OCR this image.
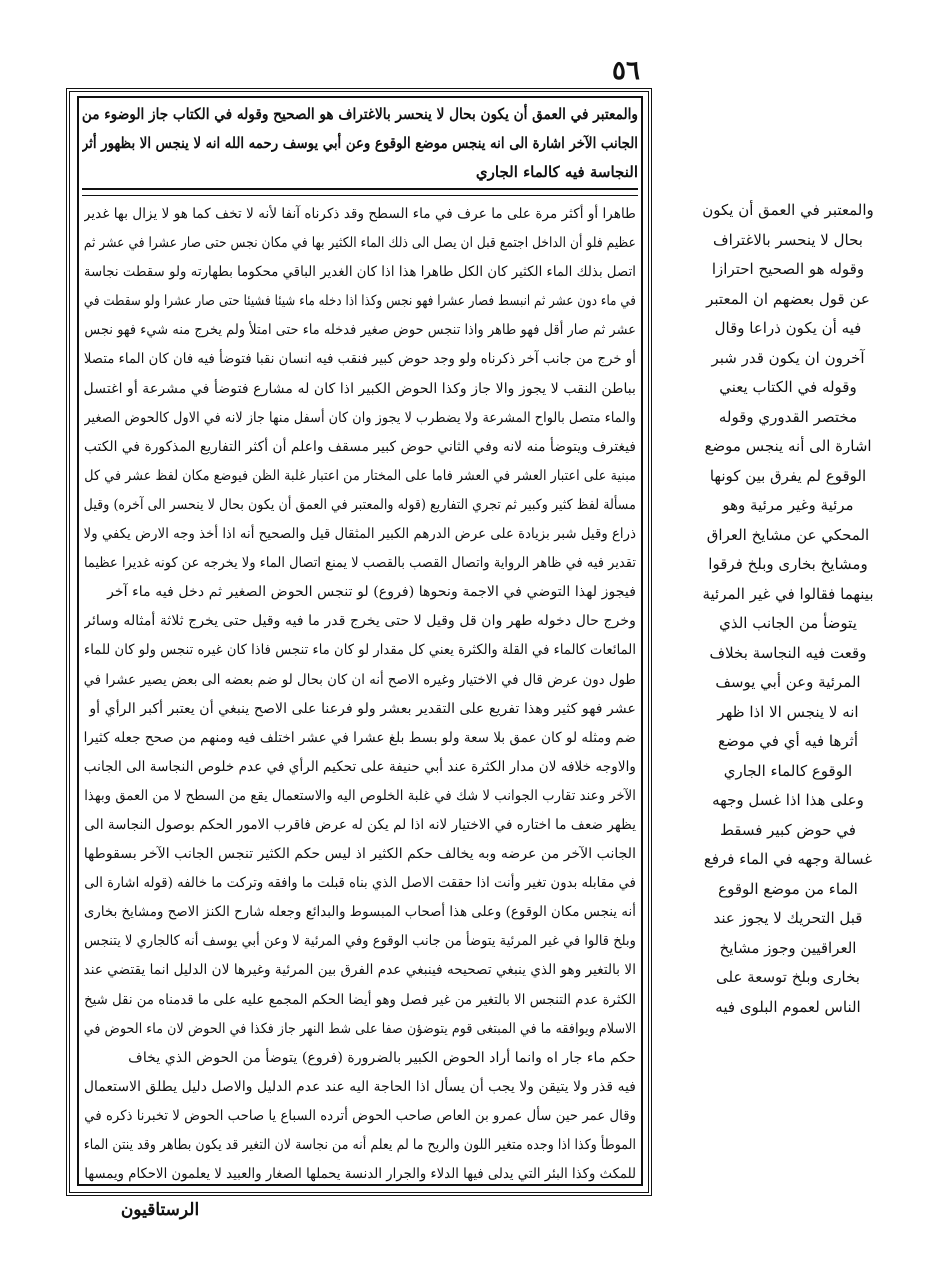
٥٦
والمعتبر في العمق أن يكون بحال لا ينحسر بالاغتراف هو الصحيح وقوله في الكتاب جاز الوضوء من الجانب الآخر اشارة الى انه ينجس موضع الوقوع وعن أبي يوسف رحمه الله انه لا ينجس الا بظهور أثر
النجاسة فيه كالماء الجاري
طاهرا أو أكثر مرة على ما عرف في ماء السطح وقد ذكرناه آنفا لأنه لا تخف كما هو لا يزال بها غدير عظيم فلو أن الداخل اجتمع قبل ان يصل الى ذلك الماء الكثير بها في مكان نجس حتى صار عشرا في عشر ثم اتصل بذلك الماء الكثير كان الكل طاهرا هذا اذا كان الغدير الباقي محكوما بطهارته ولو سقطت نجاسة في ماء دون عشر ثم انبسط فصار عشرا فهو نجس وكذا اذا دخله ماء شيئا فشيئا حتى صار عشرا ولو سقطت في عشر ثم صار أقل فهو طاهر واذا تنجس حوض صغير فدخله ماء حتى امتلأ ولم يخرج منه شيء فهو نجس أو خرج من جانب آخر ذكرناه ولو وجد حوض كبير فنقب فيه انسان نقبا فتوضأ فيه فان كان الماء متصلا بباطن النقب لا يجوز والا جاز وكذا الحوض الكبير اذا كان له مشارع فتوضأ في مشرعة أو اغتسل والماء متصل بالواح المشرعة ولا يضطرب لا يجوز وان كان أسفل منها جاز لانه في الاول كالحوض الصغير فيغترف ويتوضأ منه لانه وفي الثاني حوض كبير مسقف واعلم أن أكثر التفاريع المذكورة في الكتب مبنية على اعتبار العشر في العشر فاما على المختار من اعتبار غلبة الظن فيوضع مكان لفظ عشر في كل مسألة لفظ كثير وكبير ثم تجري التفاريع (قوله والمعتبر في العمق أن يكون بحال لا ينحسر الى آخره) وقيل ذراع وقيل شبر بزيادة على عرض الدرهم الكبير المثقال قيل والصحيح أنه اذا أخذ وجه الارض يكفي ولا تقدير فيه في ظاهر الرواية واتصال القصب بالقصب لا يمنع اتصال الماء ولا يخرجه عن كونه غديرا عظيما
فيجوز لهذا التوضي في الاجمة ونحوها (فروع) لو تنجس الحوض الصغير ثم دخل فيه ماء آخر
وخرج حال دخوله طهر وان قل وقيل لا حتى يخرج قدر ما فيه وقيل حتى يخرج ثلاثة أمثاله وسائر المائعات كالماء في القلة والكثرة يعني كل مقدار لو كان ماء تنجس فاذا كان غيره تنجس ولو كان للماء طول دون عرض قال في الاختيار وغيره الاصح أنه ان كان بحال لو ضم بعضه الى بعض يصير عشرا في
عشر فهو كثير وهذا تفريع على التقدير بعشر ولو فرعنا على الاصح ينبغي أن يعتبر أكبر الرأي أو
ضم ومثله لو كان عمق بلا سعة ولو بسط بلغ عشرا في عشر اختلف فيه ومنهم من صحح جعله كثيرا والاوجه خلافه لان مدار الكثرة عند أبي حنيفة على تحكيم الرأي في عدم خلوص النجاسة الى الجانب الآخر وعند تقارب الجوانب لا شك في غلبة الخلوص اليه والاستعمال يقع من السطح لا من العمق وبهذا يظهر ضعف ما اختاره في الاختيار لانه اذا لم يكن له عرض فاقرب الامور الحكم بوصول النجاسة الى الجانب الآخر من عرضه وبه يخالف حكم الكثير اذ ليس حكم الكثير تنجس الجانب الآخر بسقوطها في مقابله بدون تغير وأنت اذا حققت الاصل الذي بناه قبلت ما وافقه وتركت ما خالفه (قوله اشارة الى أنه ينجس مكان الوقوع) وعلى هذا أصحاب المبسوط والبدائع وجعله شارح الكنز الاصح ومشايخ بخارى وبلخ قالوا في غير المرئية يتوضأ من جانب الوقوع وفي المرئية لا وعن أبي يوسف أنه كالجاري لا يتنجس الا بالتغير وهو الذي ينبغي تصحيحه فينبغي عدم الفرق بين المرئية وغيرها لان الدليل انما يقتضي عند الكثرة عدم التنجس الا بالتغير من غير فصل وهو أيضا الحكم المجمع عليه على ما قدمناه من نقل شيخ الاسلام ويوافقه ما في المبتغى قوم يتوضؤن صفا على شط النهر جاز فكذا في الحوض لان ماء الحوض في
حكم ماء جار اه وانما أراد الحوض الكبير بالضرورة (فروع) يتوضأ من الحوض الذي يخاف
فيه قذر ولا يتيقن ولا يجب أن يسأل اذا الحاجة اليه عند عدم الدليل والاصل دليل يطلق الاستعمال وقال عمر حين سأل عمرو بن العاص صاحب الحوض أترده السباع يا صاحب الحوض لا تخبرنا ذكره في الموطأ وكذا اذا وجده متغير اللون والريح ما لم يعلم أنه من نجاسة لان التغير قد يكون بطاهر وقد ينتن الماء للمكث وكذا البئر التي يدلى فيها الدلاء والجرار الدنسة يحملها الصغار والعبيد لا يعلمون الاحكام ويمسها
والمعتبر في العمق أن يكون
بحال لا ينحسر بالاغتراف
وقوله هو الصحيح احترازا
عن قول بعضهم ان المعتبر
فيه أن يكون ذراعا وقال
آخرون ان يكون قدر شبر
وقوله في الكتاب يعني
مختصر القدوري وقوله
اشارة الى أنه ينجس موضع
الوقوع لم يفرق بين كونها
مرئية وغير مرئية وهو
المحكي عن مشايخ العراق
ومشايخ بخارى وبلخ فرقوا
بينهما فقالوا في غير المرئية
يتوضأ من الجانب الذي
وقعت فيه النجاسة بخلاف
المرئية وعن أبي يوسف
انه لا ينجس الا اذا ظهر
أثرها فيه أي في موضع
الوقوع كالماء الجاري
وعلى هذا اذا غسل وجهه
في حوض كبير فسقط
غسالة وجهه في الماء فرفع
الماء من موضع الوقوع
قبل التحريك لا يجوز عند
العراقيين وجوز مشايخ
بخارى وبلخ توسعة على
الناس لعموم البلوى فيه
الرستاقيون
